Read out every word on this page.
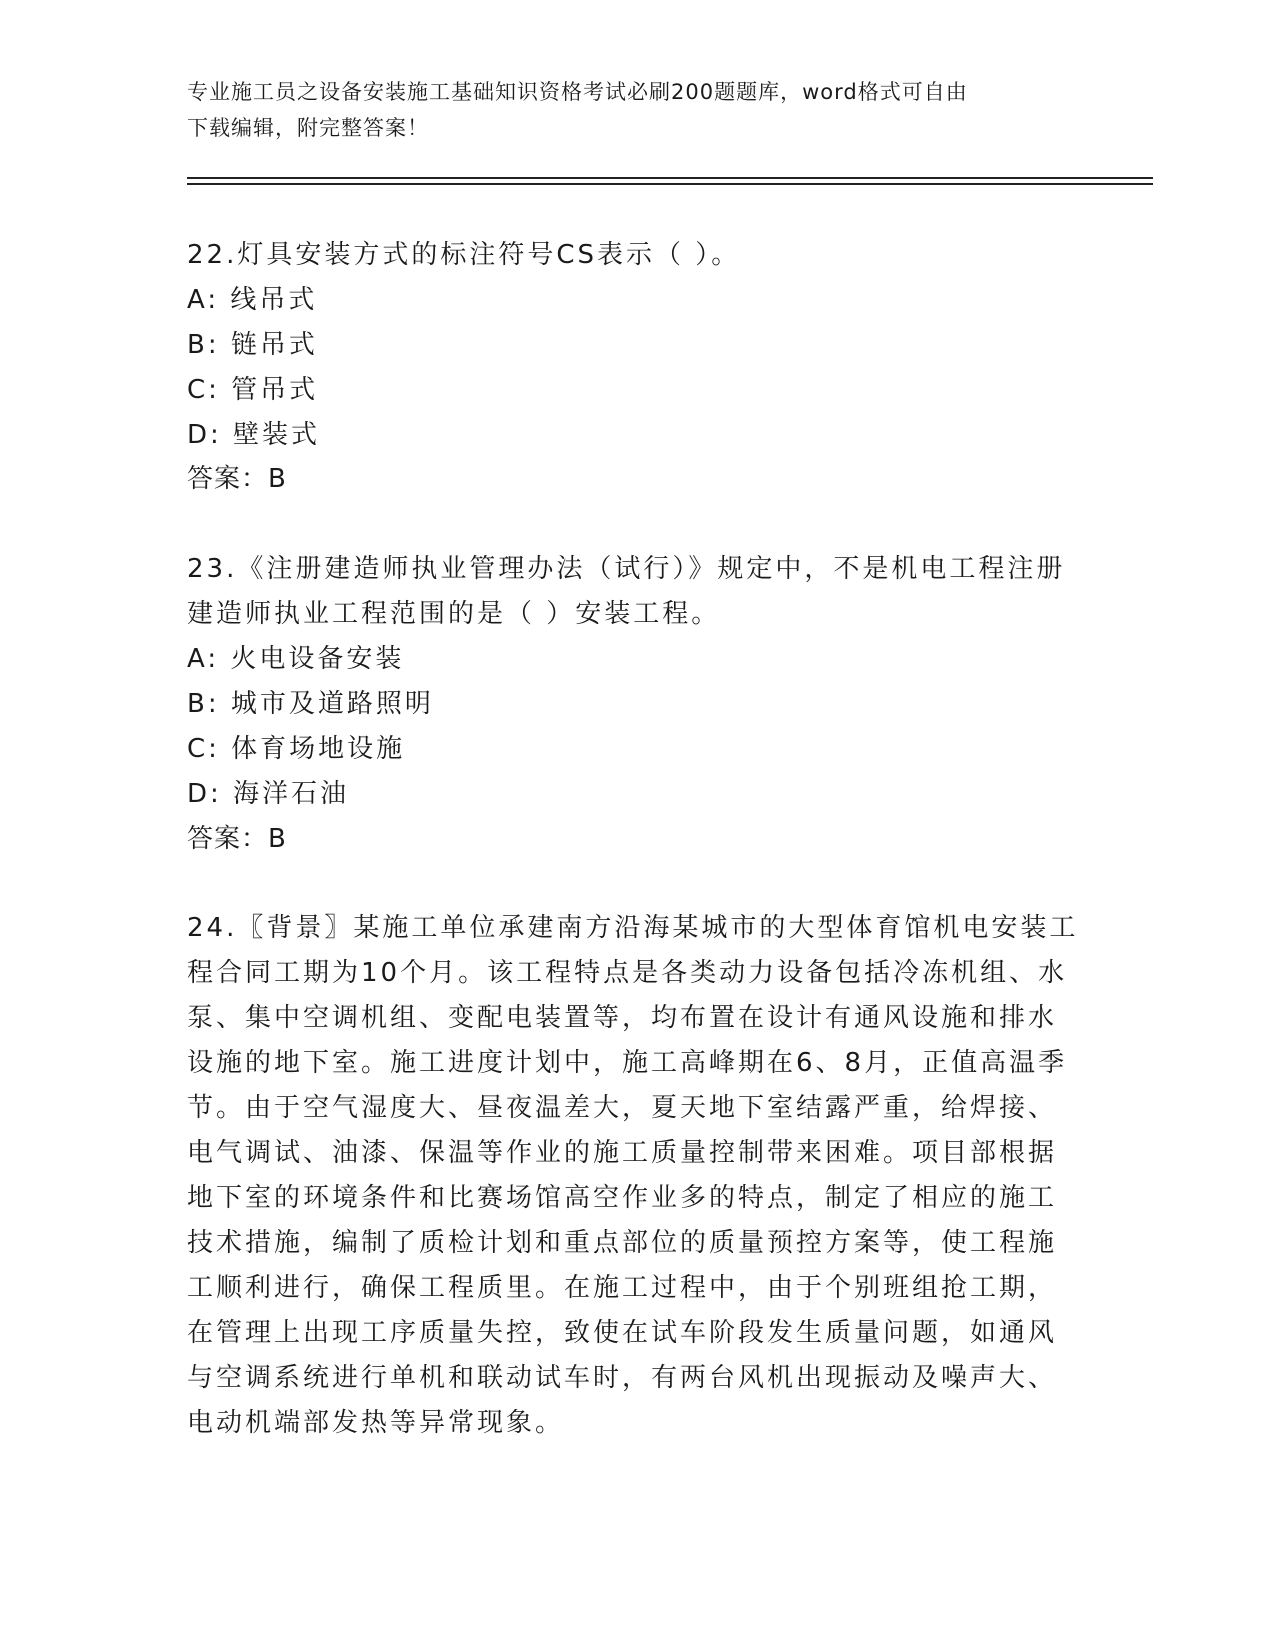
专业施工员之设备安装施工基础知识资格考试必刷200题题库，word格式可自由
下载编辑，附完整答案！
22.灯具安装方式的标注符号CS表示（ ）。
A: 线吊式
B: 链吊式
C: 管吊式
D: 壁装式
答案：B
23.《注册建造师执业管理办法（试行）》规定中，不是机电工程注册
建造师执业工程范围的是（ ）安装工程。
A: 火电设备安装
B: 城市及道路照明
C: 体育场地设施
D: 海洋石油
答案：B
24.〖背景〗某施工单位承建南方沿海某城市的大型体育馆机电安装工
程合同工期为10个月。该工程特点是各类动力设备包括冷冻机组、水
泵、集中空调机组、变配电装置等，均布置在设计有通风设施和排水
设施的地下室。施工进度计划中，施工高峰期在6、8月，正值高温季
节。由于空气湿度大、昼夜温差大，夏天地下室结露严重，给焊接、
电气调试、油漆、保温等作业的施工质量控制带来困难。项目部根据
地下室的环境条件和比赛场馆高空作业多的特点，制定了相应的施工
技术措施，编制了质检计划和重点部位的质量预控方案等，使工程施
工顺利进行，确保工程质里。在施工过程中，由于个别班组抢工期，
在管理上出现工序质量失控，致使在试车阶段发生质量问题，如通风
与空调系统进行单机和联动试车时，有两台风机出现振动及噪声大、
电动机端部发热等异常现象。
